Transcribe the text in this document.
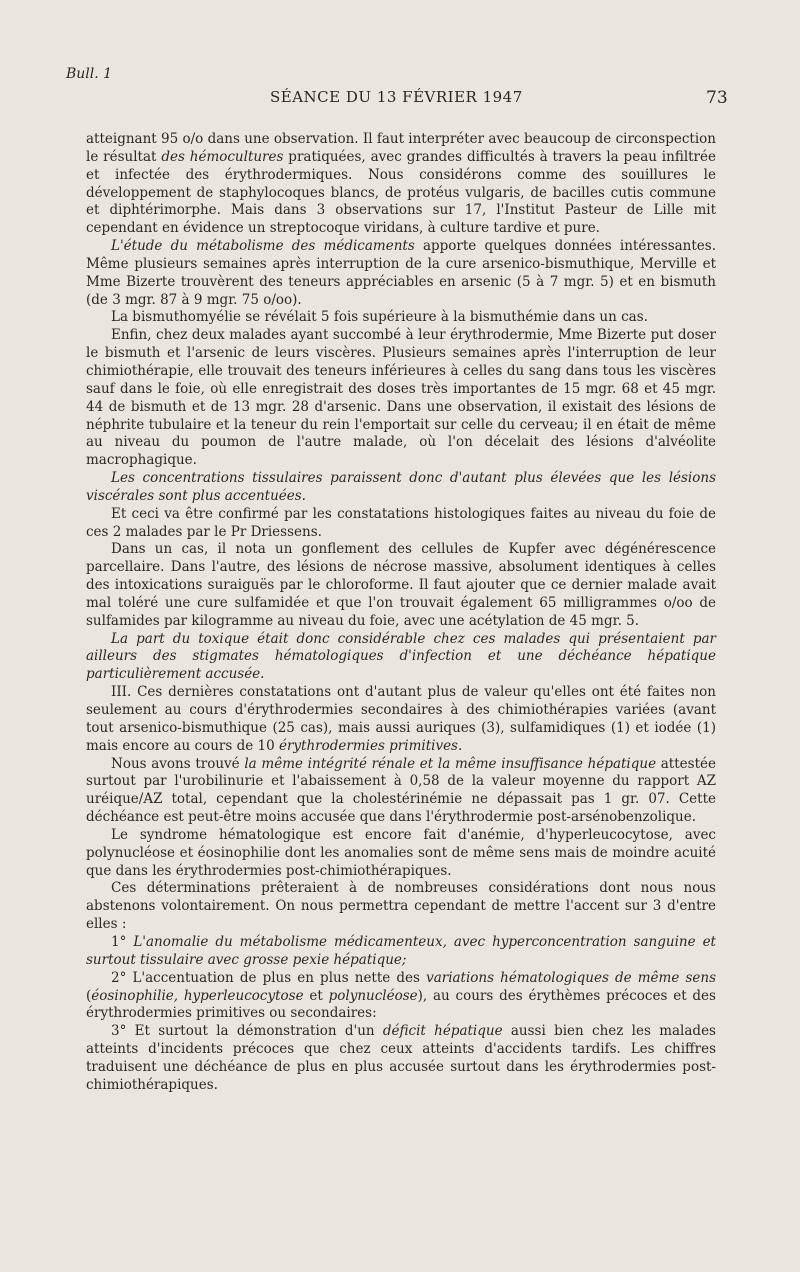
Bull. 1
SÉANCE DU 13 FÉVRIER 1947	73

atteignant 95 o/o dans une observation. Il faut interpréter avec beaucoup de circonspection le résultat des hémocultures pratiquées, avec grandes difficultés à travers la peau infiltrée et infectée des érythrodermiques. Nous considérons comme des souillures le développement de staphylocoques blancs, de protéus vulgaris, de bacilles cutis commune et diphtérimorphe. Mais dans 3 observations sur 17, l'Institut Pasteur de Lille mit cependant en évidence un streptocoque viridans, à culture tardive et pure.

L'étude du métabolisme des médicaments apporte quelques données intéressantes. Même plusieurs semaines après interruption de la cure arsenico-bismuthique, Merville et Mme Bizerte trouvèrent des teneurs appréciables en arsenic (5 à 7 mgr. 5) et en bismuth (de 3 mgr. 87 à 9 mgr. 75 o/oo).

La bismuthomyélie se révélait 5 fois supérieure à la bismuthémie dans un cas.

Enfin, chez deux malades ayant succombé à leur érythrodermie, Mme Bizerte put doser le bismuth et l'arsenic de leurs viscères. Plusieurs semaines après l'interruption de leur chimiothérapie, elle trouvait des teneurs inférieures à celles du sang dans tous les viscères sauf dans le foie, où elle enregistrait des doses très importantes de 15 mgr. 68 et 45 mgr. 44 de bismuth et de 13 mgr. 28 d'arsenic. Dans une observation, il existait des lésions de néphrite tubulaire et la teneur du rein l'emportait sur celle du cerveau; il en était de même au niveau du poumon de l'autre malade, où l'on décelait des lésions d'alvéolite macrophagique.

Les concentrations tissulaires paraissent donc d'autant plus élevées que les lésions viscérales sont plus accentuées.

Et ceci va être confirmé par les constatations histologiques faites au niveau du foie de ces 2 malades par le Pr Driessens.

Dans un cas, il nota un gonflement des cellules de Kupfer avec dégénérescence parcellaire. Dans l'autre, des lésions de nécrose massive, absolument identiques à celles des intoxications suraiguës par le chloroforme. Il faut ajouter que ce dernier malade avait mal toléré une cure sulfamidée et que l'on trouvait également 65 milligrammes o/oo de sulfamides par kilogramme au niveau du foie, avec une acétylation de 45 mgr. 5.

La part du toxique était donc considérable chez ces malades qui présentaient par ailleurs des stigmates hématologiques d'infection et une déchéance hépatique particulièrement accusée.

III. Ces dernières constatations ont d'autant plus de valeur qu'elles ont été faites non seulement au cours d'érythrodermies secondaires à des chimiothérapies variées (avant tout arsenico-bismuthique (25 cas), mais aussi auriques (3), sulfamidiques (1) et iodée (1) mais encore au cours de 10 érythrodermies primitives.

Nous avons trouvé la même intégrité rénale et la même insuffisance hépatique attestée surtout par l'urobilinurie et l'abaissement à 0,58 de la valeur moyenne du rapport AZ uréique/AZ total, cependant que la cholestérinémie ne dépassait pas 1 gr. 07. Cette déchéance est peut-être moins accusée que dans l'érythrodermie post-arsénobenzolique.

Le syndrome hématologique est encore fait d'anémie, d'hyperleucocytose, avec polynucléose et éosinophilie dont les anomalies sont de même sens mais de moindre acuité que dans les érythrodermies post-chimiothérapiques.

Ces déterminations prêteraient à de nombreuses considérations dont nous nous abstenons volontairement. On nous permettra cependant de mettre l'accent sur 3 d'entre elles :

1° L'anomalie du métabolisme médicamenteux, avec hyperconcentration sanguine et surtout tissulaire avec grosse pexie hépatique;

2° L'accentuation de plus en plus nette des variations hématologiques de même sens (éosinophilie, hyperleucocytose et polynucléose), au cours des érythèmes précoces et des érythrodermies primitives ou secondaires:

3° Et surtout la démonstration d'un déficit hépatique aussi bien chez les malades atteints d'incidents précoces que chez ceux atteints d'accidents tardifs. Les chiffres traduisent une déchéance de plus en plus accusée surtout dans les érythrodermies post-chimiothérapiques.
